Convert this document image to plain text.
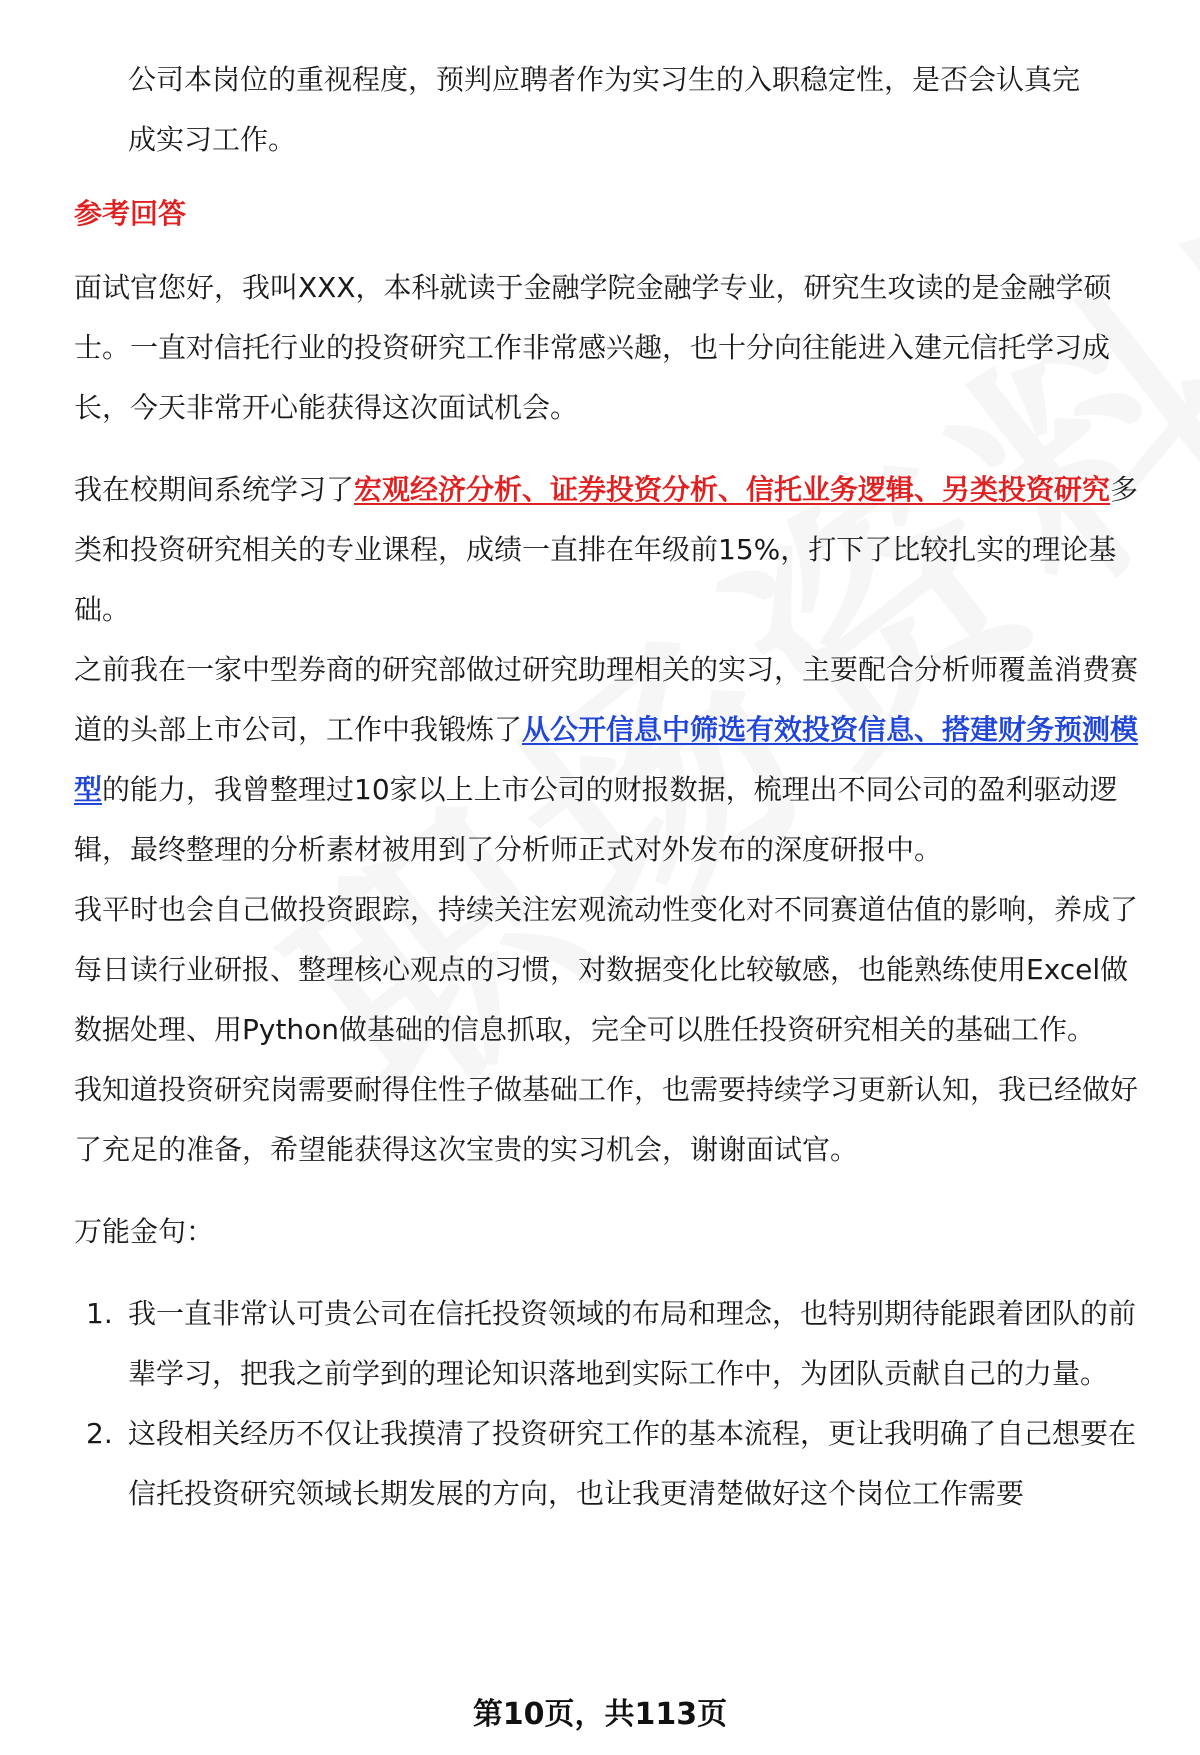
公司本岗位的重视程度，预判应聘者作为实习生的入职稳定性，是否会认真完

成实习工作。

参考回答

面试官您好，我叫XXX，本科就读于金融学院金融学专业，研究生攻读的是金融学硕士。一直对信托行业的投资研究工作非常感兴趣，也十分向往能进入建元信托学习成长，今天非常开心能获得这次面试机会。

我在校期间系统学习了宏观经济分析、证券投资分析、信托业务逻辑、另类投资研究多类和投资研究相关的专业课程，成绩一直排在年级前15%，打下了比较扎实的理论基础。

之前我在一家中型券商的研究部做过研究助理相关的实习，主要配合分析师覆盖消费赛道的头部上市公司，工作中我锻炼了从公开信息中筛选有效投资信息、搭建财务预测模型的能力，我曾整理过10家以上上市公司的财报数据，梳理出不同公司的盈利驱动逻辑，最终整理的分析素材被用到了分析师正式对外发布的深度研报中。

我平时也会自己做投资跟踪，持续关注宏观流动性变化对不同赛道估值的影响，养成了每日读行业研报、整理核心观点的习惯，对数据变化比较敏感，也能熟练使用Excel做数据处理、用Python做基础的信息抓取，完全可以胜任投资研究相关的基础工作。

我知道投资研究岗需要耐得住性子做基础工作，也需要持续学习更新认知，我已经做好了充足的准备，希望能获得这次宝贵的实习机会，谢谢面试官。

万能金句：

1. 我一直非常认可贵公司在信托投资领域的布局和理念，也特别期待能跟着团队的前辈学习，把我之前学到的理论知识落地到实际工作中，为团队贡献自己的力量。
2. 这段相关经历不仅让我摸清了投资研究工作的基本流程，更让我明确了自己想要在信托投资研究领域长期发展的方向，也让我更清楚做好这个岗位工作需要
第10页，共113页
